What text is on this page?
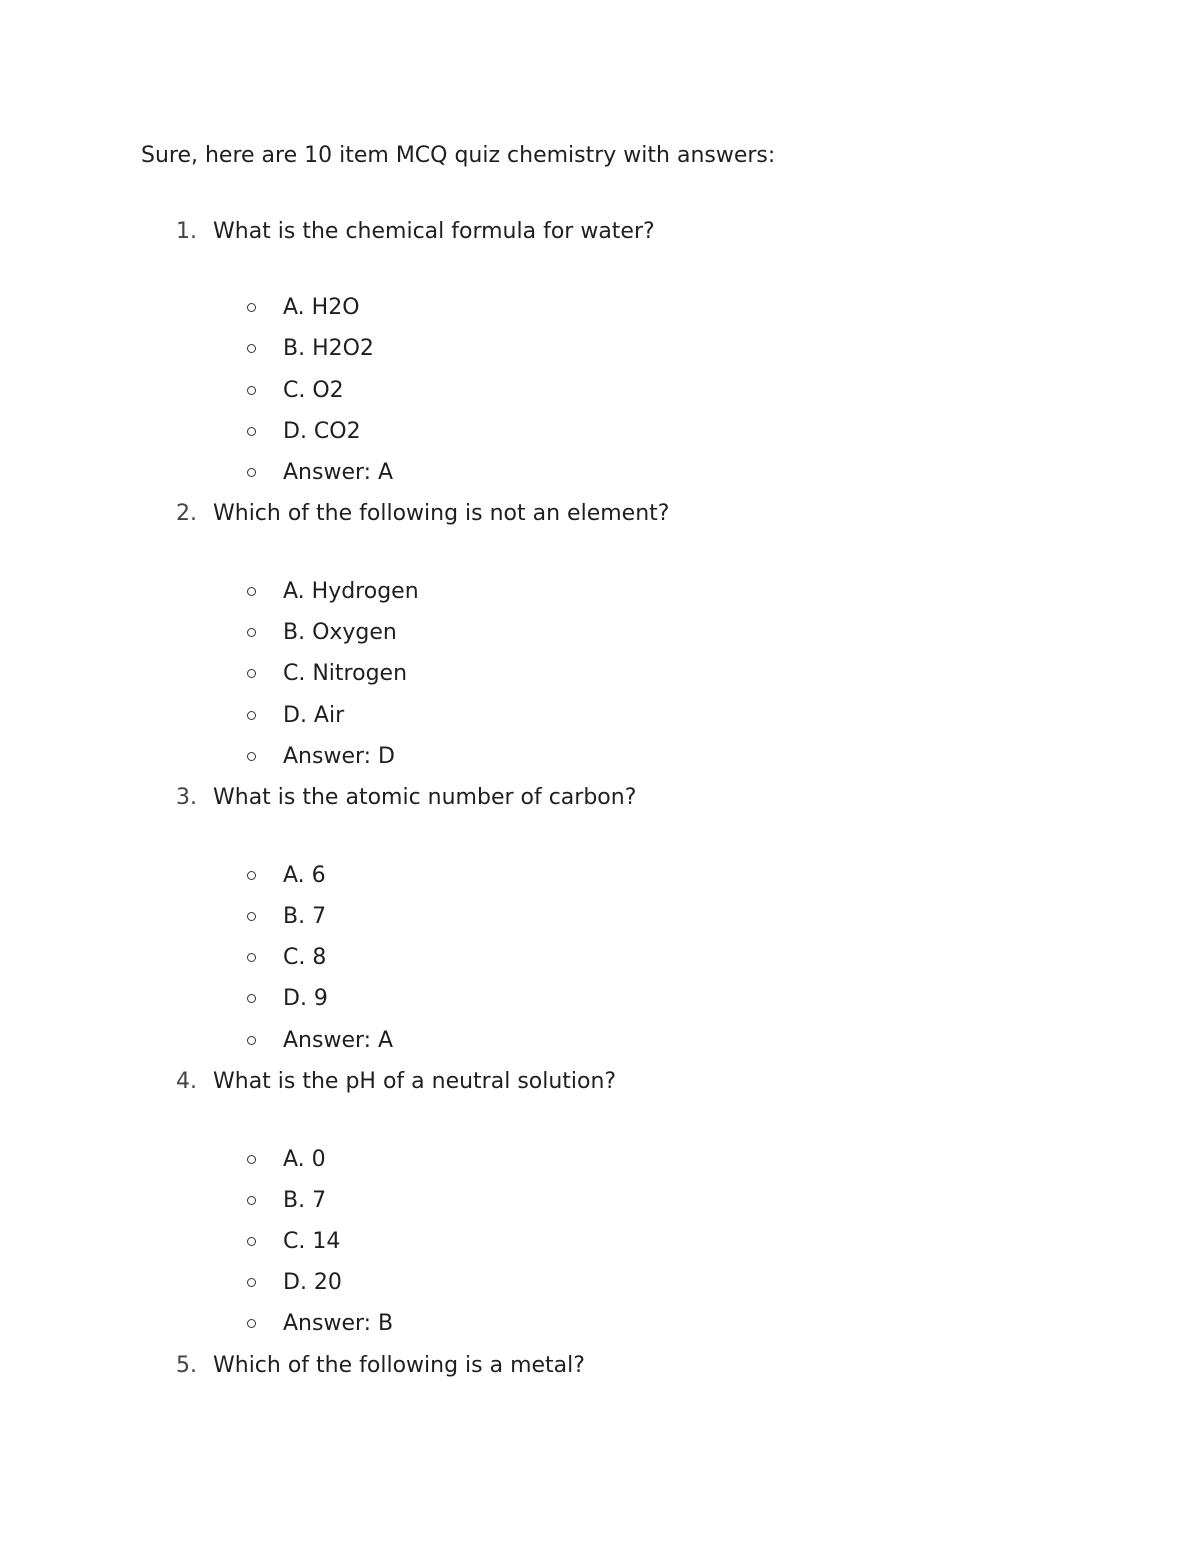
Sure, here are 10 item MCQ quiz chemistry with answers:
1. What is the chemical formula for water?
A. H2O
B. H2O2
C. O2
D. CO2
Answer: A
2. Which of the following is not an element?
A. Hydrogen
B. Oxygen
C. Nitrogen
D. Air
Answer: D
3. What is the atomic number of carbon?
A. 6
B. 7
C. 8
D. 9
Answer: A
4. What is the pH of a neutral solution?
A. 0
B. 7
C. 14
D. 20
Answer: B
5. Which of the following is a metal?
